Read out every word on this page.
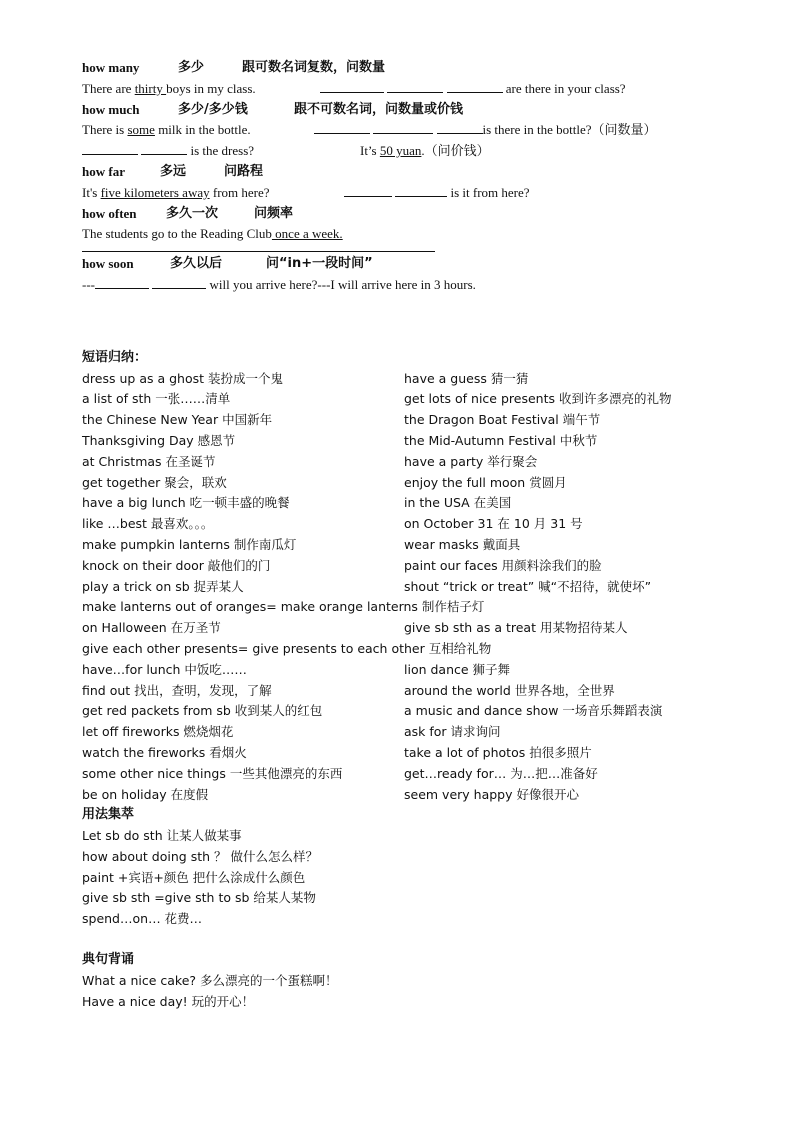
how many	多少	跟可数名词复数，问数量
There are thirty boys in my class.	are there in your class?
how much	多少/多少钱	跟不可数名词，问数量或价钱
There is some milk in the bottle.	is there in the bottle?（问数量）
is the dress?	It’s 50 yuan.（问价钱）
how far	多远	问路程
It's five kilometers away from here?	is it from here?
how often 多久一次	问频率
The students go to the Reading Club once a week.
how soon	多久以后	问“in+一段时间”
---	will you arrive here?---I will arrive here in 3 hours.
短语归纳：
dress up as a ghost 装扮成一个鬼	have a guess 猜一猜
a list of sth 一张……清单	get lots of nice presents 收到许多漂亮的礼物
the Chinese New Year 中国新年	the Dragon Boat Festival 端午节
Thanksgiving Day 感恩节	the Mid-Autumn Festival 中秋节
at Christmas 在圣诞节	have a party 举行聚会
get together 聚会，联欢	enjoy the full moon 赏圆月
have a big lunch 吃一顿丰盛的晚餐	in the USA 在美国
like …best 最喜欢。。。	on October 31 在 10 月 31 号
make pumpkin lanterns 制作南瓜灯	wear masks 戴面具
knock on their door 敲他们的门	paint our faces 用颜料涂我们的脸
play a trick on sb 捉弄某人	shout “trick or treat” 喊“不招待，就使坏”
make lanterns out of oranges= make orange lanterns 制作桔子灯
on Halloween 在万圣节	give sb sth as a treat 用某物招待某人
give each other presents= give presents to each other 互相给礼物
have…for lunch 中饭吃……	lion dance 狮子舞
find out 找出，查明，发现，了解	around the world 世界各地，全世界
get red packets from sb 收到某人的红包	a music and dance show 一场音乐舞蹈表演
let off fireworks 燃烧烟花	ask for 请求询问
watch the fireworks 看烟火	take a lot of photos 拍很多照片
some other nice things 一些其他漂亮的东西	get…ready for… 为…把…准备好
be on holiday 在度假	seem very happy 好像很开心
用法集萃
Let sb do sth 让某人做某事
how about doing sth ？ 做什么怎么样？
paint +宾语+颜色 把什么涂成什么颜色
give sb sth =give sth to sb 给某人某物
spend…on… 花费…
典句背诵
What a nice cake? 多么漂亮的一个蛋糕啊！
Have a nice day! 玩的开心！
